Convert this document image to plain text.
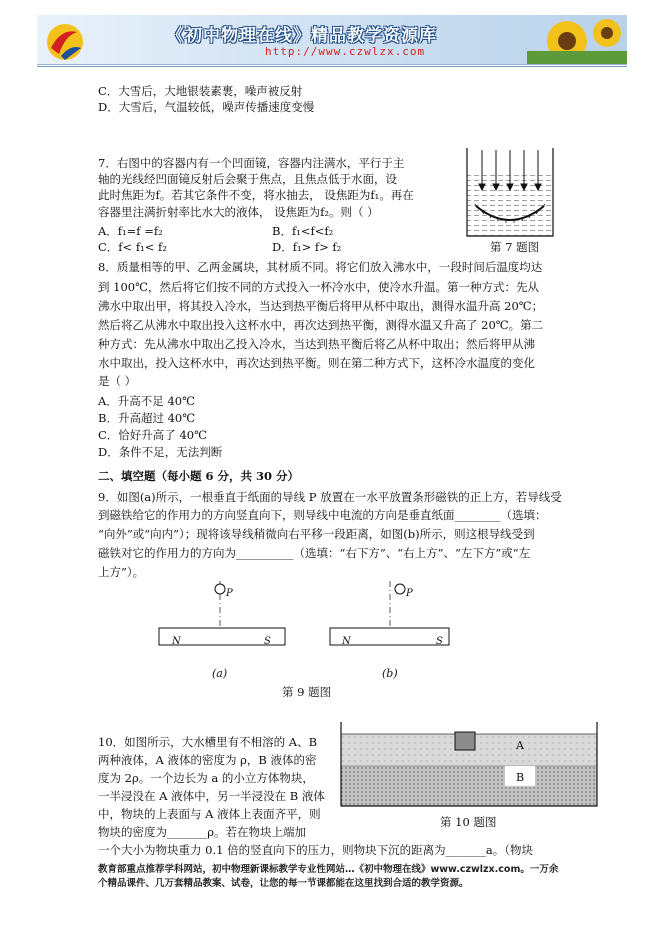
《初中物理在线》精品教学资源库
http://www.czwlzx.com
C．大雪后，大地银装素裹，噪声被反射
D．大雪后，气温较低，噪声传播速度变慢
7．右图中的容器内有一个凹面镜，容器内注满水，平行于主
轴的光线经凹面镜反射后会聚于焦点，且焦点低于水面，设
此时焦距为f。若其它条件不变，将水抽去， 设焦距为f₁。再在
容器里注满折射率比水大的液体， 设焦距为f₂。则（ ）
A．f₁=f =f₂	B．f₁<f<f₂
C．f< f₁< f₂	D．f₁> f> f₂	第 7 题图
8．质量相等的甲、乙两金属块，其材质不同。将它们放入沸水中，一段时间后温度均达
到 100℃，然后将它们按不同的方式投入一杯冷水中，使冷水升温。第一种方式：先从
沸水中取出甲，将其投入冷水，当达到热平衡后将甲从杯中取出，测得水温升高 20℃；
然后将乙从沸水中取出投入这杯水中，再次达到热平衡，测得水温又升高了 20℃。第二
种方式：先从沸水中取出乙投入冷水，当达到热平衡后将乙从杯中取出；然后将甲从沸
水中取出，投入这杯水中，再次达到热平衡。则在第二种方式下，这杯冷水温度的变化
是（ ）
A．升高不足 40℃
B．升高超过 40℃
C．恰好升高了 40℃
D．条件不足，无法判断
二、填空题（每小题 6 分，共 30 分）
9．如图(a)所示，一根垂直于纸面的导线 P 放置在一水平放置条形磁铁的正上方，若导线受
到磁铁给它的作用力的方向竖直向下，则导线中电流的方向是垂直纸面________（选填：
“向外”或“向内”）；现将该导线稍微向右平移一段距离，如图(b)所示，则这根导线受到
磁铁对它的作用力的方向为__________（选填：“右下方”、“右上方”、“左下方”或“左
上方”）。
P
N	S
(a)
P
N	S
(b)
第 9 题图
10．如图所示，大水槽里有不相溶的 A、B
两种液体，A 液体的密度为 ρ，B 液体的密
度为 2ρ。一个边长为 a 的小立方体物块，
一半浸没在 A 液体中，另一半浸没在 B 液体
中，物块的上表面与 A 液体上表面齐平，则
物块的密度为_______ρ。若在物块上端加
一个大小为物块重力 0.1 倍的竖直向下的压力，则物块下沉的距离为_______a。（物块
A
B
第 10 题图
教育部重点推荐学科网站，初中物理新课标教学专业性网站…《初中物理在线》www.czwlzx.com。一万余
个精品课件、几万套精品教案、试卷，让您的每一节课都能在这里找到合适的教学资源。
